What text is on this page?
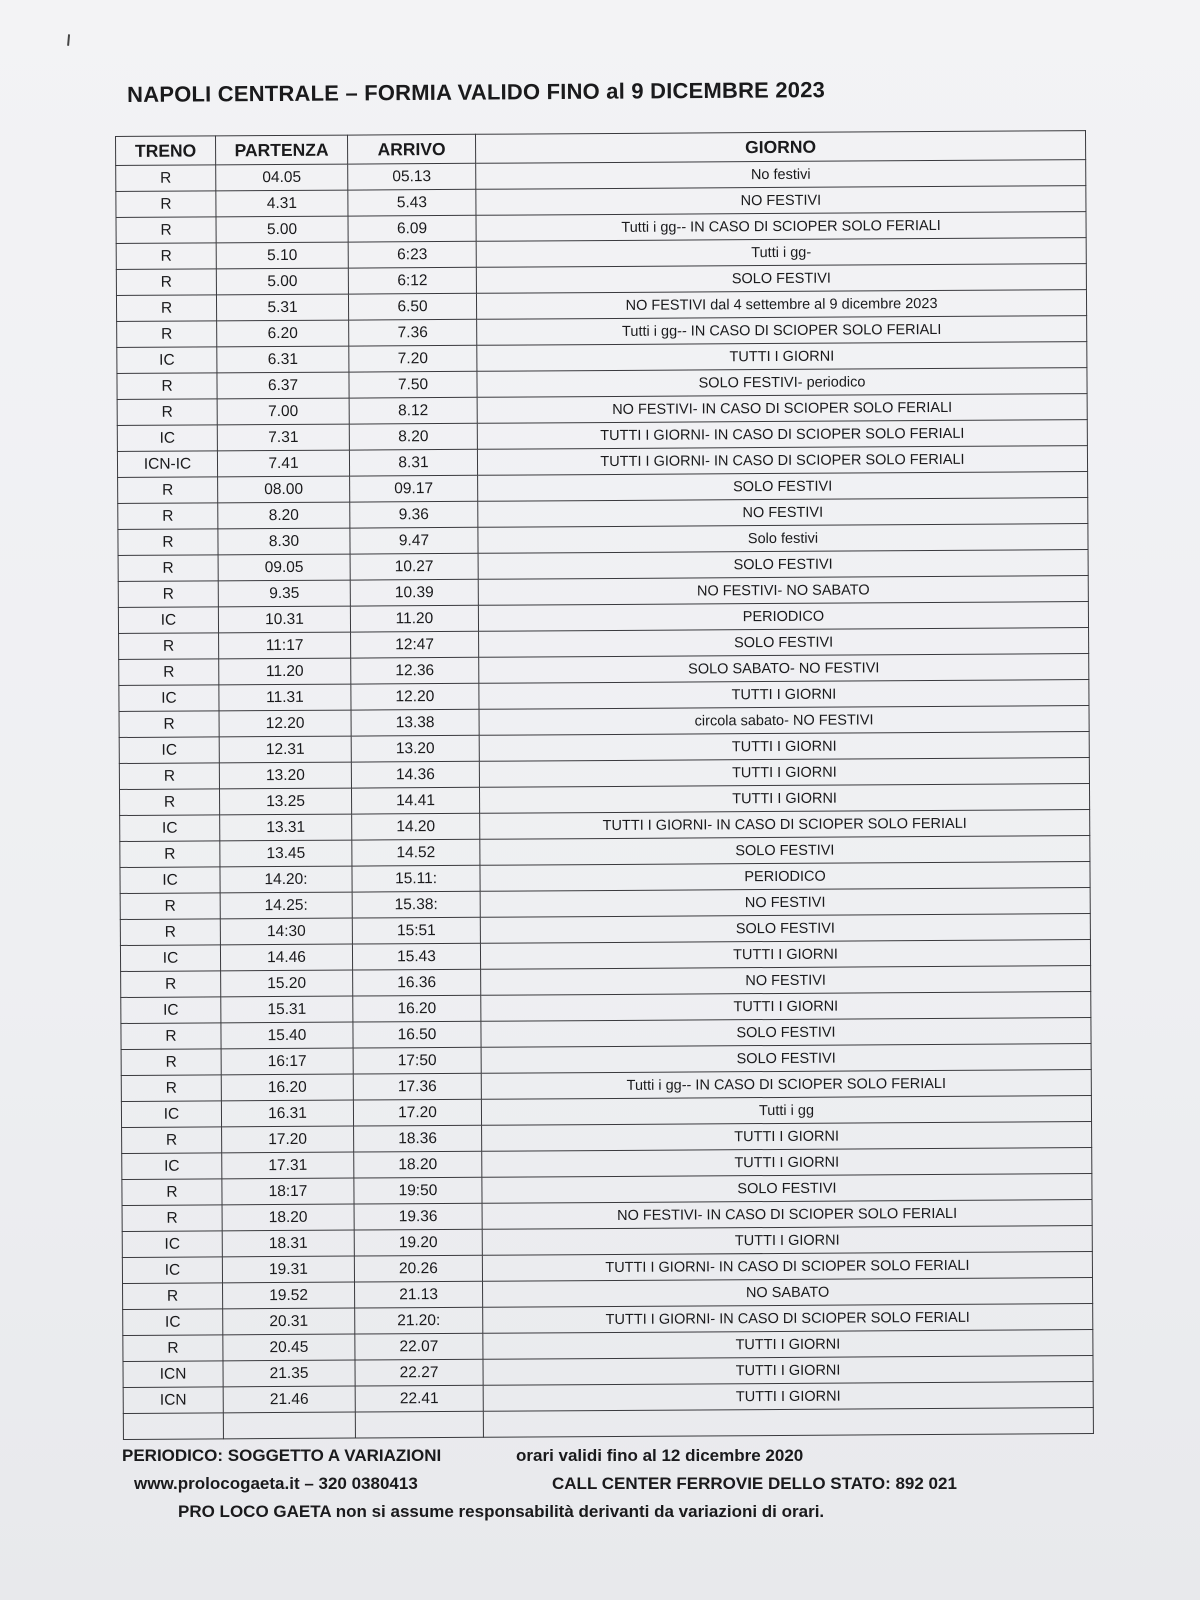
ᐟ
NAPOLI CENTRALE – FORMIA VALIDO FINO al 9 DICEMBRE 2023
TRENO	PARTENZA	ARRIVO	GIORNO
R	04.05	05.13	No festivi
R	4.31	5.43	NO FESTIVI
R	5.00	6.09	Tutti i gg-- IN CASO DI SCIOPER SOLO FERIALI
R	5.10	6:23	Tutti i gg-
R	5.00	6:12	SOLO FESTIVI
R	5.31	6.50	NO FESTIVI dal 4 settembre al 9 dicembre 2023
R	6.20	7.36	Tutti i gg-- IN CASO DI SCIOPER SOLO FERIALI
IC	6.31	7.20	TUTTI I GIORNI
R	6.37	7.50	SOLO FESTIVI- periodico
R	7.00	8.12	NO FESTIVI- IN CASO DI SCIOPER SOLO FERIALI
IC	7.31	8.20	TUTTI I GIORNI- IN CASO DI SCIOPER SOLO FERIALI
ICN-IC	7.41	8.31	TUTTI I GIORNI- IN CASO DI SCIOPER SOLO FERIALI
R	08.00	09.17	SOLO FESTIVI
R	8.20	9.36	NO FESTIVI
R	8.30	9.47	Solo festivi
R	09.05	10.27	SOLO FESTIVI
R	9.35	10.39	NO FESTIVI- NO SABATO
IC	10.31	11.20	PERIODICO
R	11:17	12:47	SOLO FESTIVI
R	11.20	12.36	SOLO SABATO- NO FESTIVI
IC	11.31	12.20	TUTTI I GIORNI
R	12.20	13.38	circola sabato- NO FESTIVI
IC	12.31	13.20	TUTTI I GIORNI
R	13.20	14.36	TUTTI I GIORNI
R	13.25	14.41	TUTTI I GIORNI
IC	13.31	14.20	TUTTI I GIORNI- IN CASO DI SCIOPER SOLO FERIALI
R	13.45	14.52	SOLO FESTIVI
IC	14.20:	15.11:	PERIODICO
R	14.25:	15.38:	NO FESTIVI
R	14:30	15:51	SOLO FESTIVI
IC	14.46	15.43	TUTTI I GIORNI
R	15.20	16.36	NO FESTIVI
IC	15.31	16.20	TUTTI I GIORNI
R	15.40	16.50	SOLO FESTIVI
R	16:17	17:50	SOLO FESTIVI
R	16.20	17.36	Tutti i gg-- IN CASO DI SCIOPER SOLO FERIALI
IC	16.31	17.20	Tutti i gg
R	17.20	18.36	TUTTI I GIORNI
IC	17.31	18.20	TUTTI I GIORNI
R	18:17	19:50	SOLO FESTIVI
R	18.20	19.36	NO FESTIVI- IN CASO DI SCIOPER SOLO FERIALI
IC	18.31	19.20	TUTTI I GIORNI
IC	19.31	20.26	TUTTI I GIORNI- IN CASO DI SCIOPER SOLO FERIALI
R	19.52	21.13	NO SABATO
IC	20.31	21.20:	TUTTI I GIORNI- IN CASO DI SCIOPER SOLO FERIALI
R	20.45	22.07	TUTTI I GIORNI
ICN	21.35	22.27	TUTTI I GIORNI
ICN	21.46	22.41	TUTTI I GIORNI

PERIODICO: SOGGETTO A VARIAZIONI	orari validi fino al 12 dicembre 2020
www.prolocogaeta.it – 320 0380413	CALL CENTER FERROVIE DELLO STATO: 892 021
PRO LOCO GAETA non si assume responsabilità derivanti da variazioni di orari.
